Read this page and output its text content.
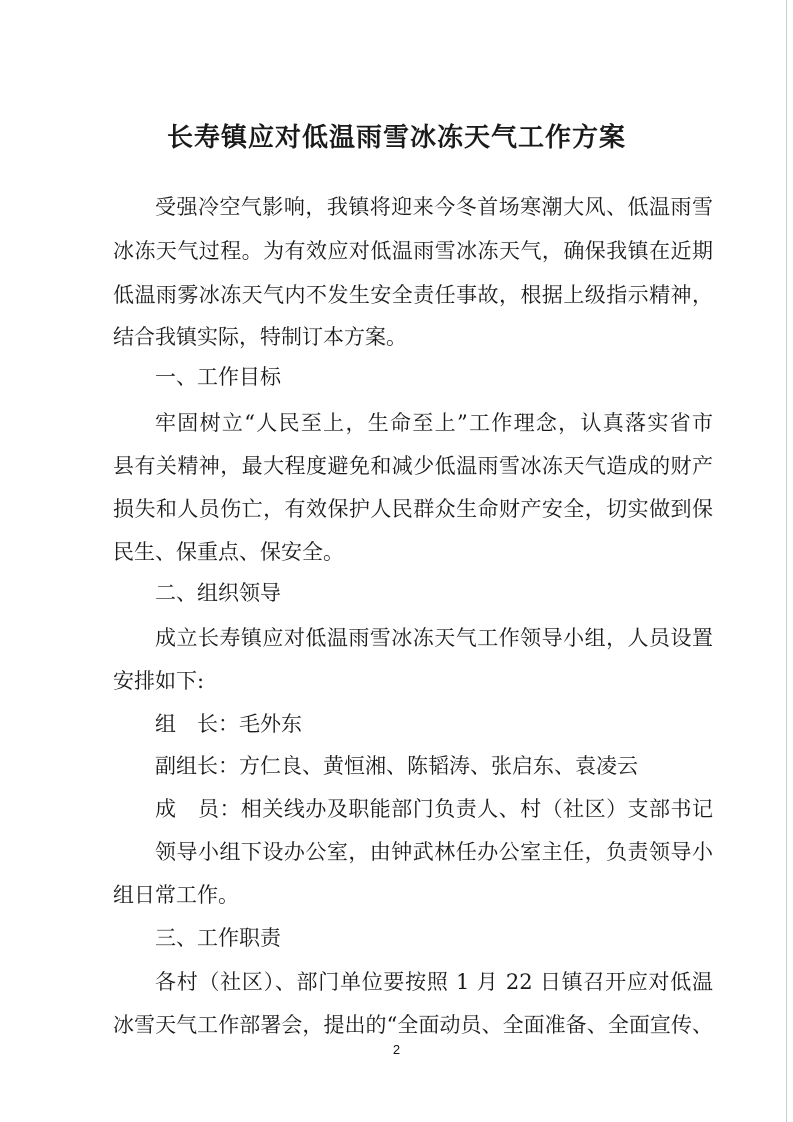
长寿镇应对低温雨雪冰冻天气工作方案
受强冷空气影响，我镇将迎来今冬首场寒潮大风、低温雨雪
冰冻天气过程。为有效应对低温雨雪冰冻天气，确保我镇在近期
低温雨雾冰冻天气内不发生安全责任事故，根据上级指示精神，
结合我镇实际，特制订本方案。
一、工作目标
牢固树立“人民至上，生命至上”工作理念，认真落实省市
县有关精神，最大程度避免和减少低温雨雪冰冻天气造成的财产
损失和人员伤亡，有效保护人民群众生命财产安全，切实做到保
民生、保重点、保安全。
二、组织领导
成立长寿镇应对低温雨雪冰冻天气工作领导小组，人员设置
安排如下:
组　长：毛外东
副组长：方仁良、黄恒湘、陈韬涛、张启东、袁凌云
成　员：相关线办及职能部门负责人、村（社区）支部书记
领导小组下设办公室，由钟武林任办公室主任，负责领导小
组日常工作。
三、工作职责
各村（社区）、部门单位要按照 1 月 22 日镇召开应对低温
冰雪天气工作部署会，提出的“全面动员、全面准备、全面宣传、
2
